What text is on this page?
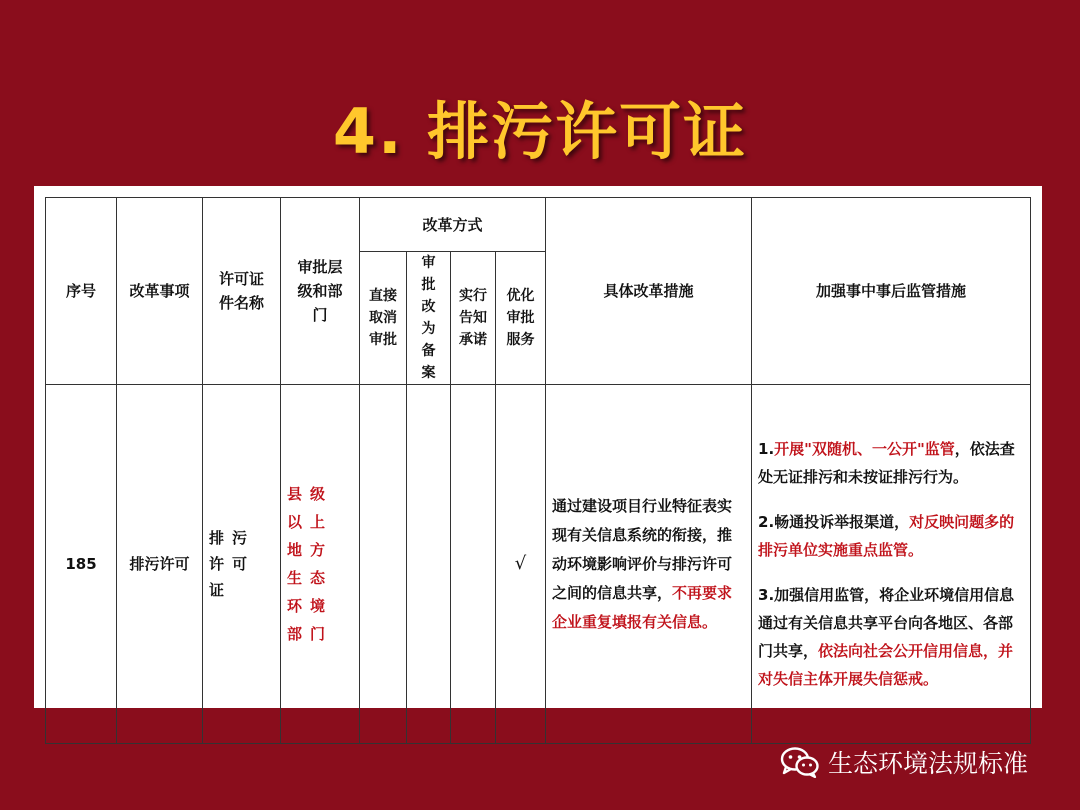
4. 排污许可证
序号	改革事项	许可证件名称	审批层级和部门	改革方式				具体改革措施	加强事中事后监管措施
				直接取消审批	审批改为备案	实行告知承诺	优化审批服务		
185	排污许可	排污许可证	县级以上地方生态环境部门				√	通过建设项目行业特征表实现有关信息系统的衔接，推动环境影响评价与排污许可之间的信息共享，不再要求企业重复填报有关信息。	1.开展"双随机、一公开"监管，依法查处无证排污和未按证排污行为。
2.畅通投诉举报渠道，对反映问题多的排污单位实施重点监管。
3.加强信用监管，将企业环境信用信息通过有关信息共享平台向各地区、各部门共享，依法向社会公开信用信息，并对失信主体开展失信惩戒。
生态环境法规标准
